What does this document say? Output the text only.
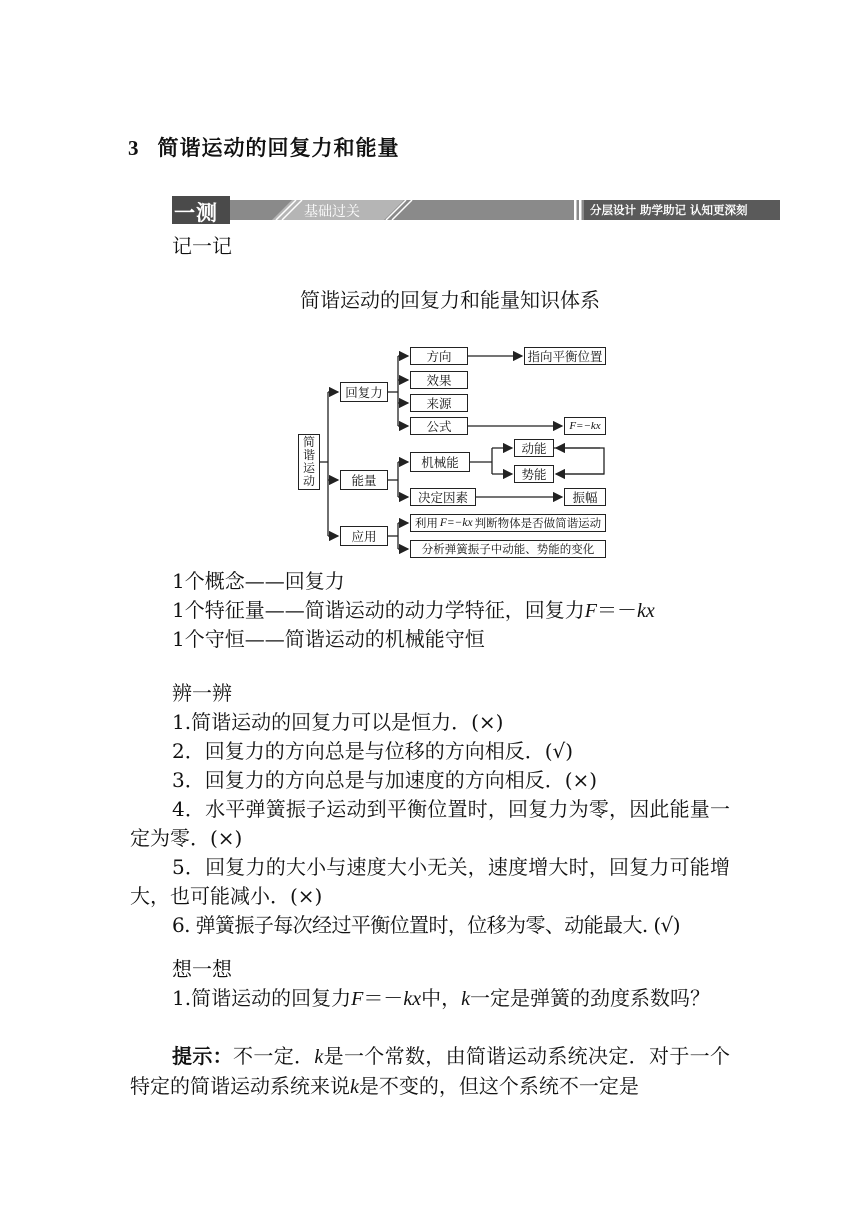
3 简谐运动的回复力和能量
一测	基础过关	分层设计 助学助记 认知更深刻
记一记
简谐运动的回复力和能量知识体系
简谐运动
回复力
方向	指向平衡位置
效果
来源
公式	F=−kx
能量
机械能
动能
势能
决定因素	振幅
应用
利用 F=−kx 判断物体是否做简谐运动
分析弹簧振子中动能、势能的变化
1个概念——回复力
1个特征量——简谐运动的动力学特征，回复力F＝－kx
1个守恒——简谐运动的机械能守恒
辨一辨
1.简谐运动的回复力可以是恒力．(×)
2．回复力的方向总是与位移的方向相反．(√)
3．回复力的方向总是与加速度的方向相反．(×)
4．水平弹簧振子运动到平衡位置时，回复力为零，因此能量一定为零．(×)
5．回复力的大小与速度大小无关，速度增大时，回复力可能增大，也可能减小．(×)
6. 弹簧振子每次经过平衡位置时，位移为零、动能最大. (√)
想一想
1.简谐运动的回复力F＝－kx中，k一定是弹簧的劲度系数吗？
提示：不一定．k是一个常数，由简谐运动系统决定．对于一个特定的简谐运动系统来说k是不变的，但这个系统不一定是
